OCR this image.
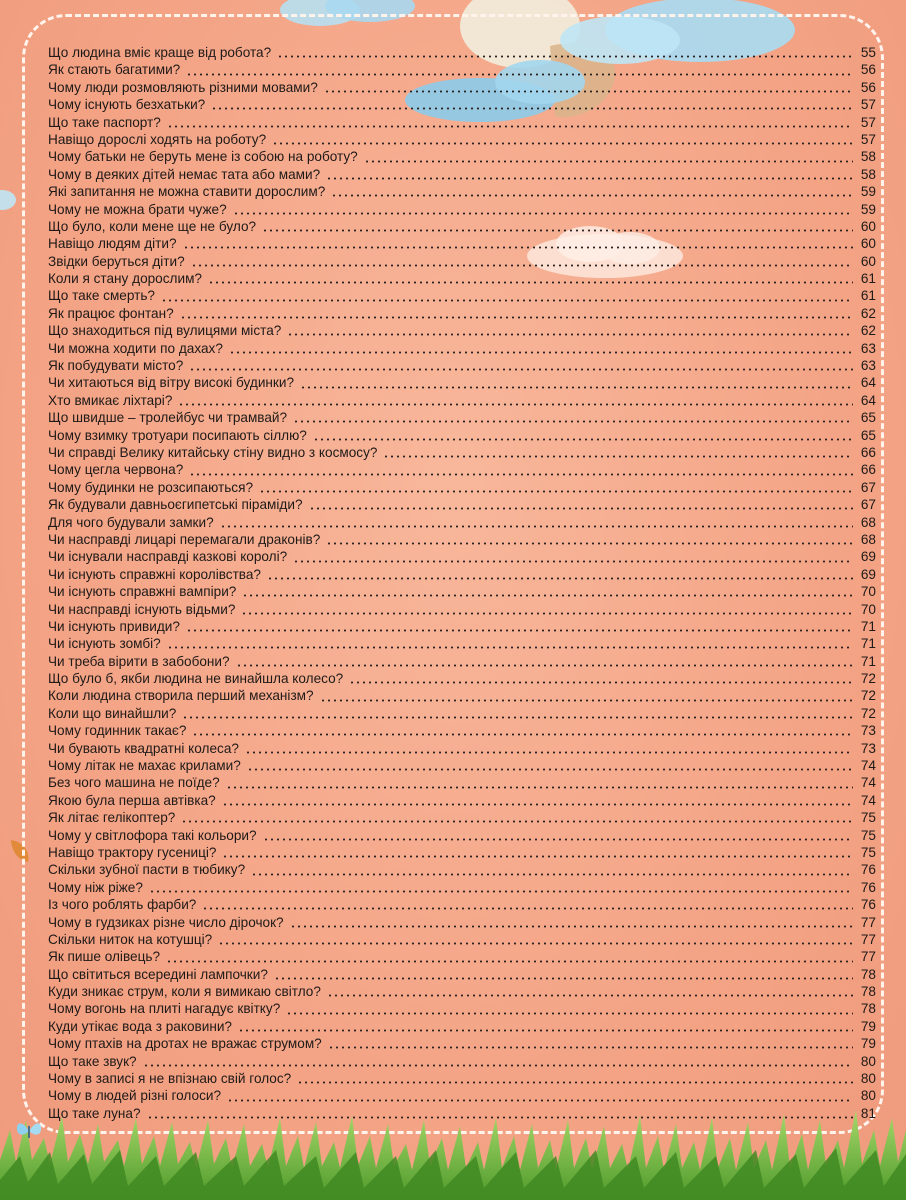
Що людина вміє краще від робота?	55
Як стають багатими?	56
Чому люди розмовляють різними мовами?	56
Чому існують безхатьки?	57
Що таке паспорт?	57
Навіщо дорослі ходять на роботу?	57
Чому батьки не беруть мене із собою на роботу?	58
Чому в деяких дітей немає тата або мами?	58
Які запитання не можна ставити дорослим?	59
Чому не можна брати чуже?	59
Що було, коли мене ще не було?	60
Навіщо людям діти?	60
Звідки беруться діти?	60
Коли я стану дорослим?	61
Що таке смерть?	61
Як працює фонтан?	62
Що знаходиться під вулицями міста?	62
Чи можна ходити по дахах?	63
Як побудувати місто?	63
Чи хитаються від вітру високі будинки?	64
Хто вмикає ліхтарі?	64
Що швидше – тролейбус чи трамвай?	65
Чому взимку тротуари посипають сіллю?	65
Чи справді Велику китайську стіну видно з космосу?	66
Чому цегла червона?	66
Чому будинки не розсипаються?	67
Як будували давньоєгипетські піраміди?	67
Для чого будували замки?	68
Чи насправді лицарі перемагали драконів?	68
Чи існували насправді казкові королі?	69
Чи існують справжні королівства?	69
Чи існують справжні вампіри?	70
Чи насправді існують відьми?	70
Чи існують привиди?	71
Чи існують зомбі?	71
Чи треба вірити в забобони?	71
Що було б, якби людина не винайшла колесо?	72
Коли людина створила перший механізм?	72
Коли що винайшли?	72
Чому годинник такає?	73
Чи бувають квадратні колеса?	73
Чому літак не махає крилами?	74
Без чого машина не поїде?	74
Якою була перша автівка?	74
Як літає гелікоптер?	75
Чому у світлофора такі кольори?	75
Навіщо трактору гусениці?	75
Скільки зубної пасти в тюбику?	76
Чому ніж ріже?	76
Із чого роблять фарби?	76
Чому в гудзиках різне число дірочок?	77
Скільки ниток на котушці?	77
Як пише олівець?	77
Що світиться всередині лампочки?	78
Куди зникає струм, коли я вимикаю світло?	78
Чому вогонь на плиті нагадує квітку?	78
Куди утікає вода з раковини?	79
Чому птахів на дротах не вражає струмом?	79
Що таке звук?	80
Чому в записі я не впізнаю свій голос?	80
Чому в людей різні голоси?	80
Що таке луна?	81
